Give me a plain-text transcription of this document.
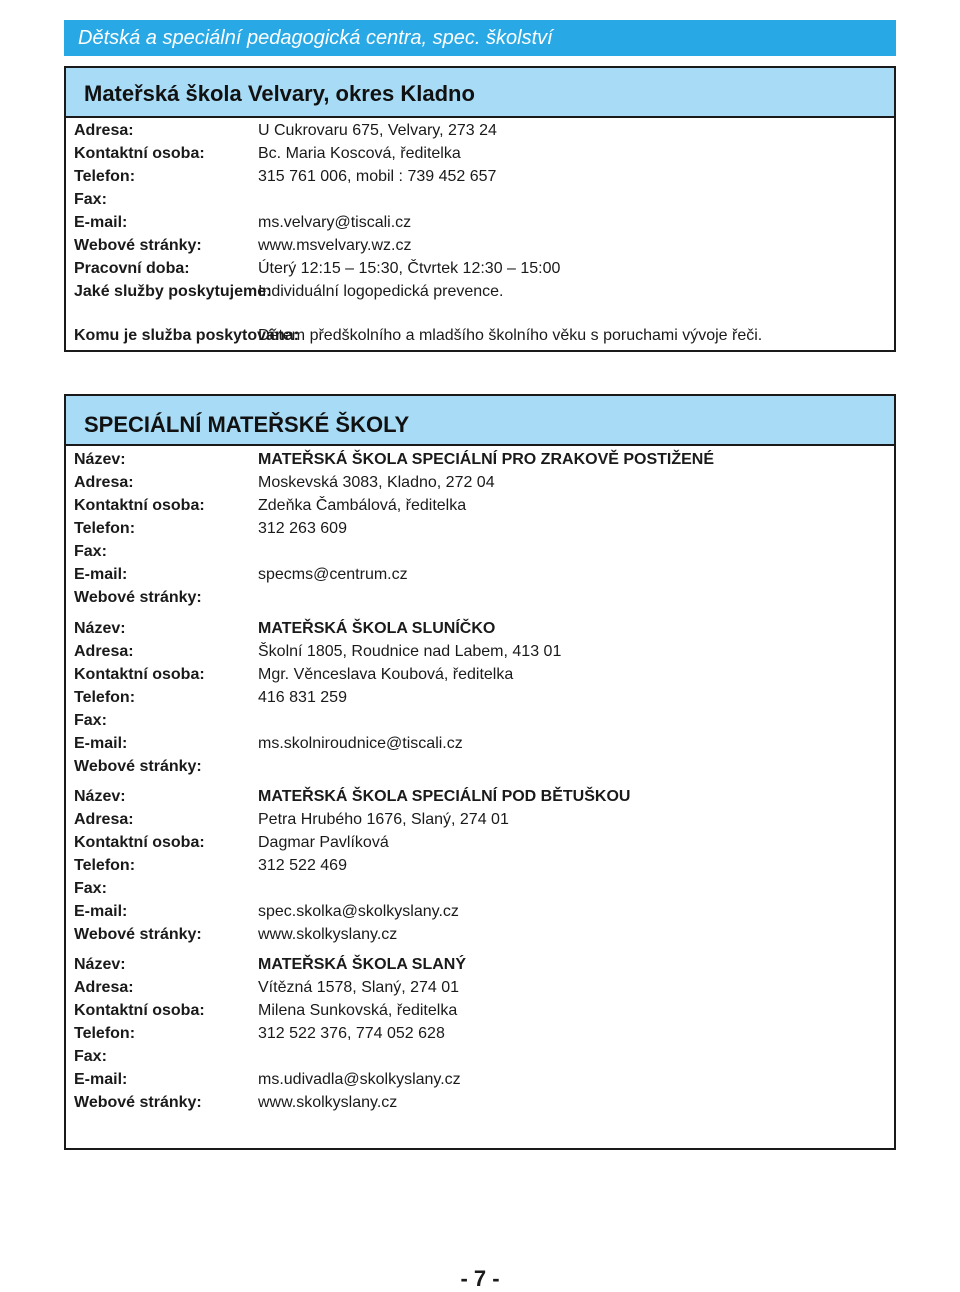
Dětská a speciální pedagogická centra, spec. školství
Mateřská škola Velvary, okres Kladno
Adresa:	U Cukrovaru 675, Velvary, 273 24
Kontaktní osoba:	Bc. Maria Koscová, ředitelka
Telefon:	315 761 006, mobil : 739 452 657
Fax:
E-mail:	ms.velvary@tiscali.cz
Webové stránky:	www.msvelvary.wz.cz
Pracovní doba:	Úterý 12:15 – 15:30, Čtvrtek 12:30 – 15:00
Jaké služby poskytujeme:
Individuální logopedická prevence.
Komu je služba poskytována:
Dětem předškolního a mladšího školního věku s poruchami vývoje řeči.
SPECIÁLNÍ MATEŘSKÉ ŠKOLY
Název:	MATEŘSKÁ ŠKOLA SPECIÁLNÍ PRO ZRAKOVĚ POSTIŽENÉ
Adresa:	Moskevská 3083, Kladno, 272 04
Kontaktní osoba:	Zdeňka Čambálová, ředitelka
Telefon:	312 263 609
Fax:
E-mail:	specms@centrum.cz
Webové stránky:
Název:	MATEŘSKÁ ŠKOLA SLUNÍČKO
Adresa:	Školní 1805, Roudnice nad Labem, 413 01
Kontaktní osoba:	Mgr. Věnceslava Koubová, ředitelka
Telefon:	416 831 259
Fax:
E-mail:	ms.skolniroudnice@tiscali.cz
Webové stránky:
Název:	MATEŘSKÁ ŠKOLA SPECIÁLNÍ POD BĚTUŠKOU
Adresa:	Petra Hrubého 1676, Slaný, 274 01
Kontaktní osoba:	Dagmar Pavlíková
Telefon:	312 522 469
Fax:
E-mail:	spec.skolka@skolkyslany.cz
Webové stránky:	www.skolkyslany.cz
Název:	MATEŘSKÁ ŠKOLA SLANÝ
Adresa:	Vítězná 1578, Slaný, 274 01
Kontaktní osoba:	Milena Sunkovská, ředitelka
Telefon:	312 522 376, 774 052 628
Fax:
E-mail:	ms.udivadla@skolkyslany.cz
Webové stránky:	www.skolkyslany.cz
- 7 -
